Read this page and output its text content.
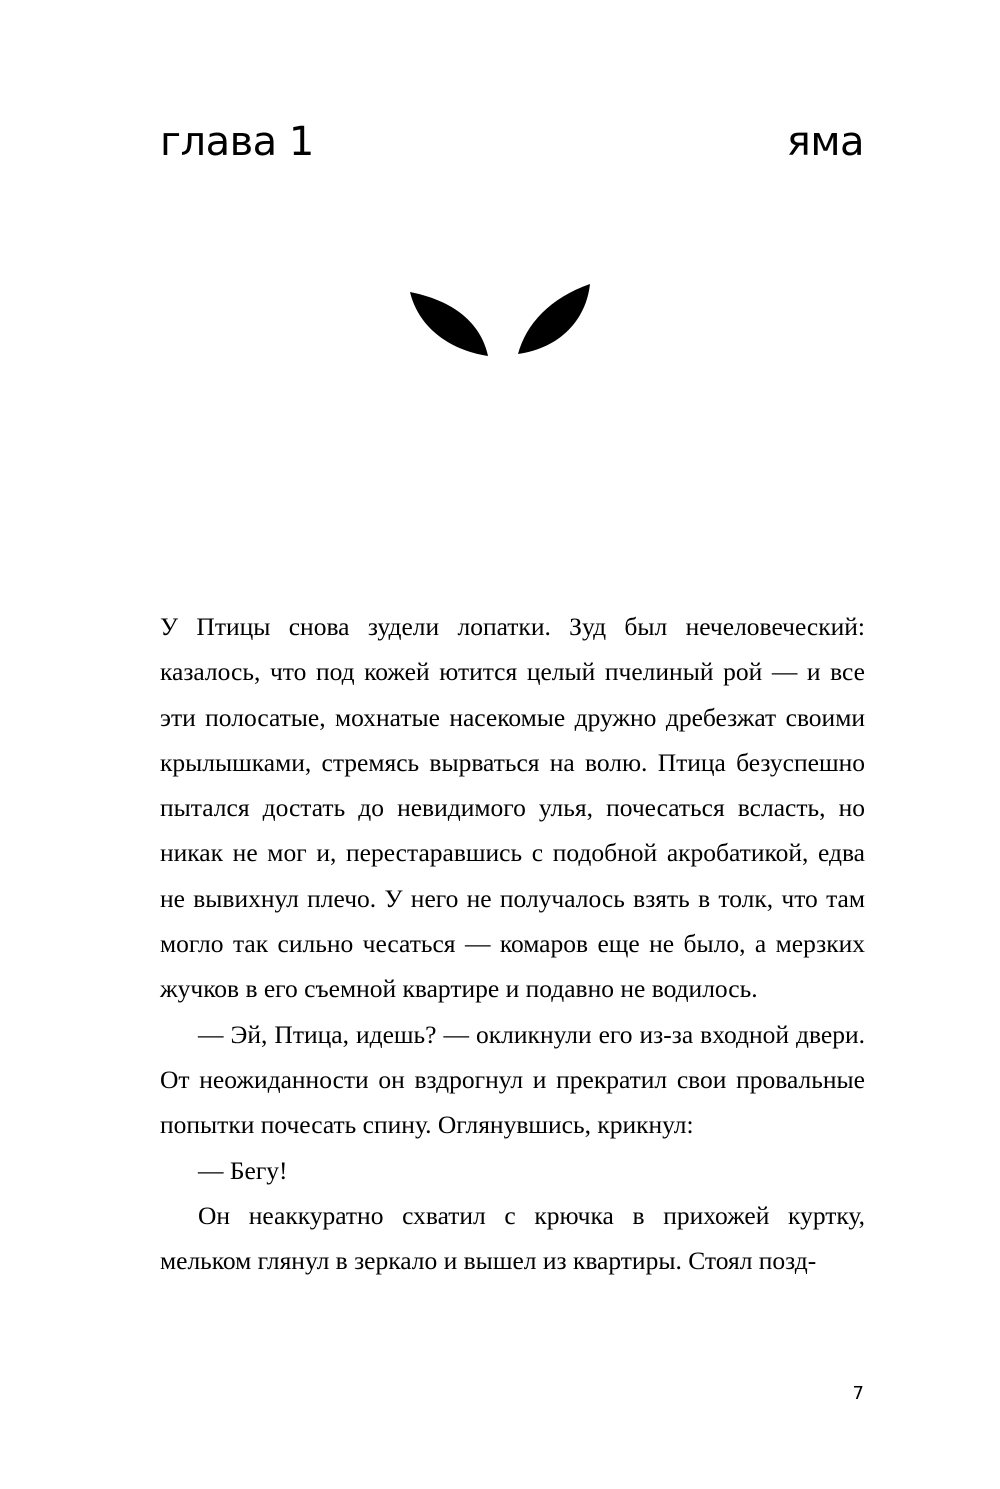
глава 1	яма

У Птицы снова зудели лопатки. Зуд был нечеловеческий: казалось, что под кожей ютится целый пчелиный рой — и все эти полосатые, мохнатые насекомые дружно дребезжат своими крылышками, стремясь вырваться на волю. Птица безуспешно пытался достать до невидимого улья, почесаться всласть, но никак не мог и, перестаравшись с подобной акробатикой, едва не вывихнул плечо. У него не получалось взять в толк, что там могло так сильно чесаться — комаров еще не было, а мерзких жучков в его съемной квартире и подавно не водилось.

— Эй, Птица, идешь? — окликнули его из-за входной двери. От неожиданности он вздрогнул и прекратил свои провальные попытки почесать спину. Оглянувшись, крикнул:

— Бегу!

Он неаккуратно схватил с крючка в прихожей куртку, мельком глянул в зеркало и вышел из квартиры. Стоял позд-

7
